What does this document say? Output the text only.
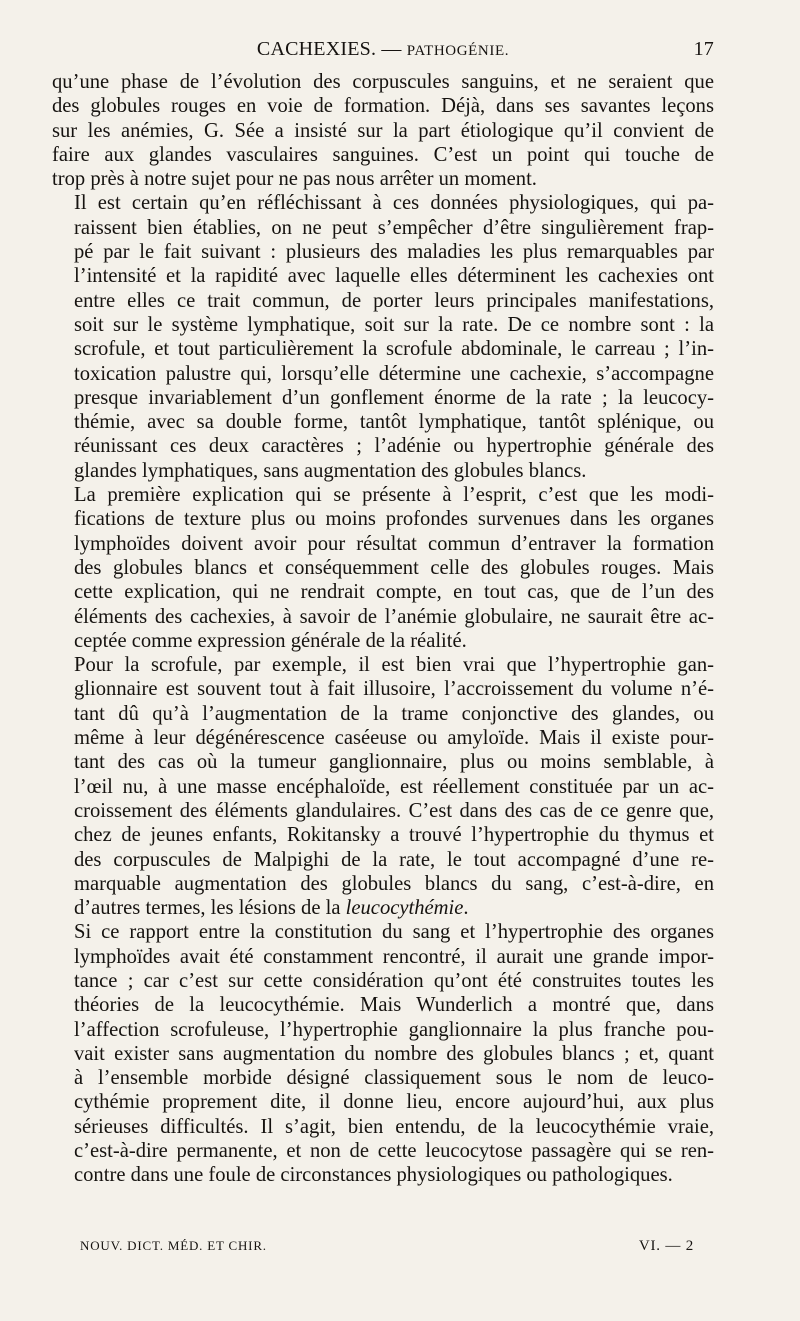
CACHEXIES. — PATHOGÉNIE.	17

qu’une phase de l’évolution des corpuscules sanguins, et ne seraient que
des globules rouges en voie de formation. Déjà, dans ses savantes leçons
sur les anémies, G. Sée a insisté sur la part étiologique qu’il convient de
faire aux glandes vasculaires sanguines. C’est un point qui touche de
trop près à notre sujet pour ne pas nous arrêter un moment.

Il est certain qu’en réfléchissant à ces données physiologiques, qui pa-
raissent bien établies, on ne peut s’empêcher d’être singulièrement frap-
pé par le fait suivant : plusieurs des maladies les plus remarquables par
l’intensité et la rapidité avec laquelle elles déterminent les cachexies ont
entre elles ce trait commun, de porter leurs principales manifestations,
soit sur le système lymphatique, soit sur la rate. De ce nombre sont : la
scrofule, et tout particulièrement la scrofule abdominale, le carreau ; l’in-
toxication palustre qui, lorsqu’elle détermine une cachexie, s’accompagne
presque invariablement d’un gonflement énorme de la rate ; la leucocy-
thémie, avec sa double forme, tantôt lymphatique, tantôt splénique, ou
réunissant ces deux caractères ; l’adénie ou hypertrophie générale des
glandes lymphatiques, sans augmentation des globules blancs.

La première explication qui se présente à l’esprit, c’est que les modi-
fications de texture plus ou moins profondes survenues dans les organes
lymphoïdes doivent avoir pour résultat commun d’entraver la formation
des globules blancs et conséquemment celle des globules rouges. Mais
cette explication, qui ne rendrait compte, en tout cas, que de l’un des
éléments des cachexies, à savoir de l’anémie globulaire, ne saurait être ac-
ceptée comme expression générale de la réalité.

Pour la scrofule, par exemple, il est bien vrai que l’hypertrophie gan-
glionnaire est souvent tout à fait illusoire, l’accroissement du volume n’é-
tant dû qu’à l’augmentation de la trame conjonctive des glandes, ou
même à leur dégénérescence caséeuse ou amyloïde. Mais il existe pour-
tant des cas où la tumeur ganglionnaire, plus ou moins semblable, à
l’œil nu, à une masse encéphaloïde, est réellement constituée par un ac-
croissement des éléments glandulaires. C’est dans des cas de ce genre que,
chez de jeunes enfants, Rokitansky a trouvé l’hypertrophie du thymus et
des corpuscules de Malpighi de la rate, le tout accompagné d’une re-
marquable augmentation des globules blancs du sang, c’est-à-dire, en
d’autres termes, les lésions de la leucocythémie.

Si ce rapport entre la constitution du sang et l’hypertrophie des organes
lymphoïdes avait été constamment rencontré, il aurait une grande impor-
tance ; car c’est sur cette considération qu’ont été construites toutes les
théories de la leucocythémie. Mais Wunderlich a montré que, dans
l’affection scrofuleuse, l’hypertrophie ganglionnaire la plus franche pou-
vait exister sans augmentation du nombre des globules blancs ; et, quant
à l’ensemble morbide désigné classiquement sous le nom de leuco-
cythémie proprement dite, il donne lieu, encore aujourd’hui, aux plus
sérieuses difficultés. Il s’agit, bien entendu, de la leucocythémie vraie,
c’est-à-dire permanente, et non de cette leucocytose passagère qui se ren-
contre dans une foule de circonstances physiologiques ou pathologiques.

NOUV. DICT. MÉD. ET CHIR.	VI. — 2
